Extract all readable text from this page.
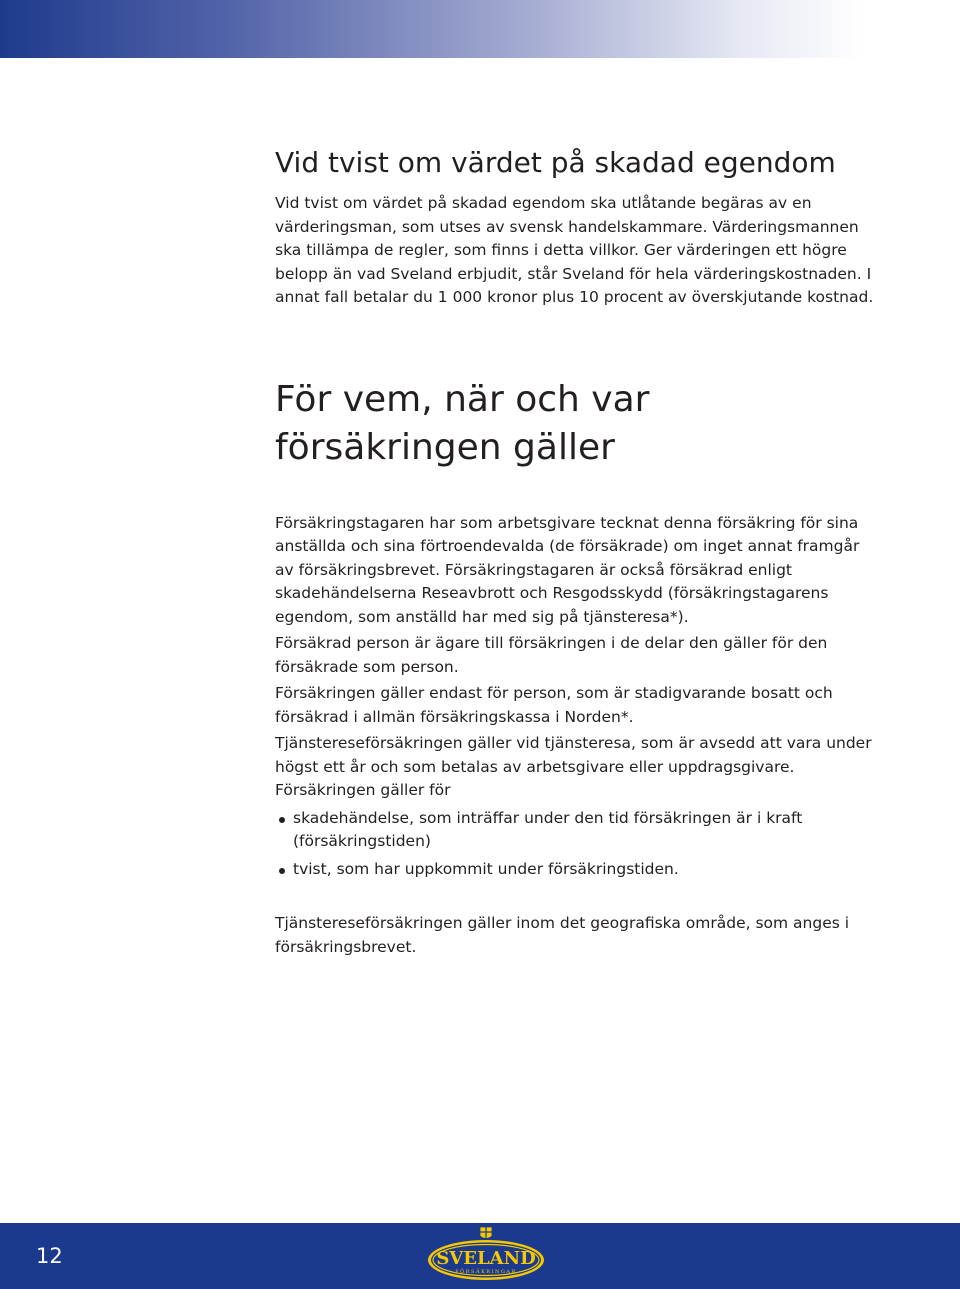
Vid tvist om värdet på skadad egendom

Vid tvist om värdet på skadad egendom ska utlåtande begäras av en värderingsman, som utses av svensk handelskammare. Värderingsmannen ska tillämpa de regler, som finns i detta villkor. Ger värderingen ett högre belopp än vad Sveland erbjudit, står Sveland för hela värderingskostnaden. I annat fall betalar du 1 000 kronor plus 10 procent av överskjutande kostnad.

För vem, när och var försäkringen gäller

Försäkringstagaren har som arbetsgivare tecknat denna försäkring för sina anställda och sina förtroendevalda (de försäkrade) om inget annat framgår av försäkringsbrevet. Försäkringstagaren är också försäkrad enligt skadehändelserna Reseavbrott och Resgodsskydd (försäkringstagarens egendom, som anställd har med sig på tjänsteresa*).

Försäkrad person är ägare till försäkringen i de delar den gäller för den försäkrade som person.

Försäkringen gäller endast för person, som är stadigvarande bosatt och försäkrad i allmän försäkringskassa i Norden*.

Tjänstereseförsäkringen gäller vid tjänsteresa, som är avsedd att vara under högst ett år och som betalas av arbetsgivare eller uppdragsgivare.

Försäkringen gäller för

skadehändelse, som inträffar under den tid försäkringen är i kraft (försäkringstiden)
tvist, som har uppkommit under försäkringstiden.

Tjänstereseförsäkringen gäller inom det geografiska område, som anges i försäkringsbrevet.

12	SVELAND
FÖRSÄKRINGAR
